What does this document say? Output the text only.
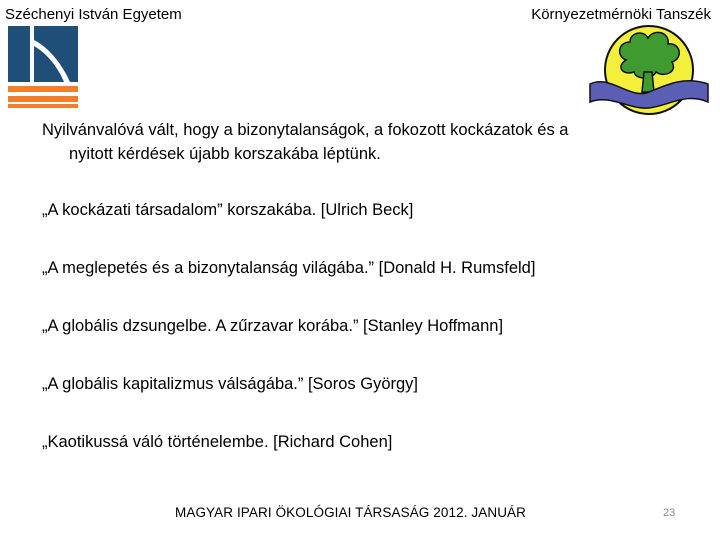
Széchenyi István Egyetem	Környezetmérnöki Tanszék

Nyilvánvalóvá vált, hogy a bizonytalanságok, a fokozott kockázatok és a
nyitott kérdések újabb korszakába léptünk.

„A kockázati társadalom” korszakába. [Ulrich Beck]

„A meglepetés és a bizonytalanság világába.” [Donald H. Rumsfeld]

„A globális dzsungelbe. A zűrzavar korába.” [Stanley Hoffmann]

„A globális kapitalizmus válságába.” [Soros György]

„Kaotikussá váló történelembe. [Richard Cohen]

MAGYAR IPARI ÖKOLÓGIAI TÁRSASÁG 2012. JANUÁR	23
